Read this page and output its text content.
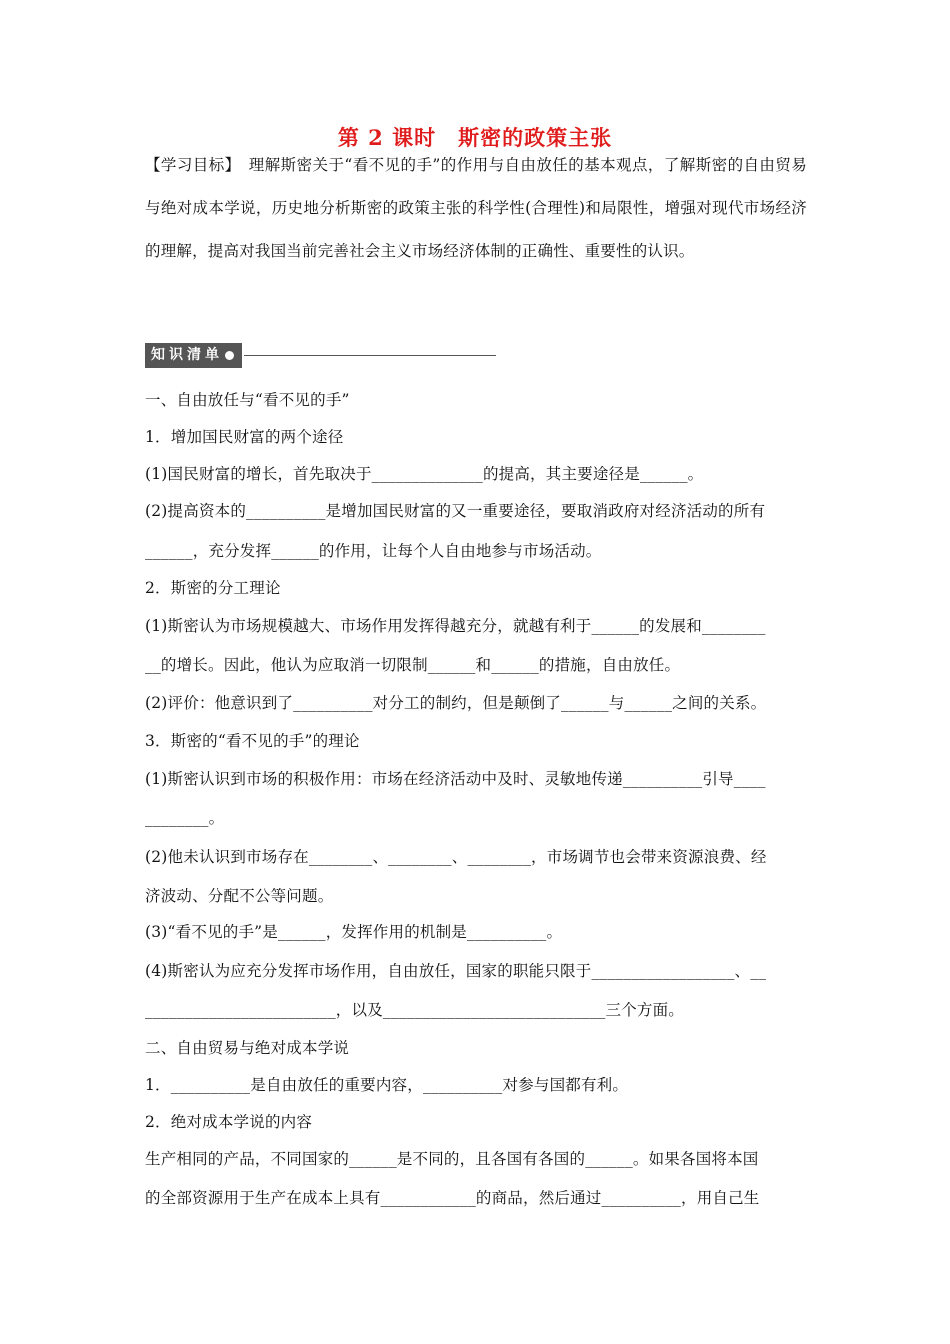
第 2 课时　斯密的政策主张
【学习目标】　理解斯密关于“看不见的手”的作用与自由放任的基本观点，了解斯密的自由贸易与绝对成本学说，历史地分析斯密的政策主张的科学性(合理性)和局限性，增强对现代市场经济的理解，提高对我国当前完善社会主义市场经济体制的正确性、重要性的认识。
知识清单
一、自由放任与“看不见的手”
1．增加国民财富的两个途径
(1)国民财富的增长，首先取决于______________的提高，其主要途径是______。
(2)提高资本的__________是增加国民财富的又一重要途径，要取消政府对经济活动的所有
______，充分发挥______的作用，让每个人自由地参与市场活动。
2．斯密的分工理论
(1)斯密认为市场规模越大、市场作用发挥得越充分，就越有利于______的发展和________
__的增长。因此，他认为应取消一切限制______和______的措施，自由放任。
(2)评价：他意识到了__________对分工的制约，但是颠倒了______与______之间的关系。
3．斯密的“看不见的手”的理论
(1)斯密认识到市场的积极作用：市场在经济活动中及时、灵敏地传递__________引导____
________。
(2)他未认识到市场存在________、________、________，市场调节也会带来资源浪费、经
济波动、分配不公等问题。
(3)“看不见的手”是______，发挥作用的机制是__________。
(4)斯密认为应充分发挥市场作用，自由放任，国家的职能只限于__________________、__
________________________，以及____________________________三个方面。
二、自由贸易与绝对成本学说
1．__________是自由放任的重要内容，__________对参与国都有利。
2．绝对成本学说的内容
生产相同的产品，不同国家的______是不同的，且各国有各国的______。如果各国将本国
的全部资源用于生产在成本上具有____________的商品，然后通过__________，用自己生
